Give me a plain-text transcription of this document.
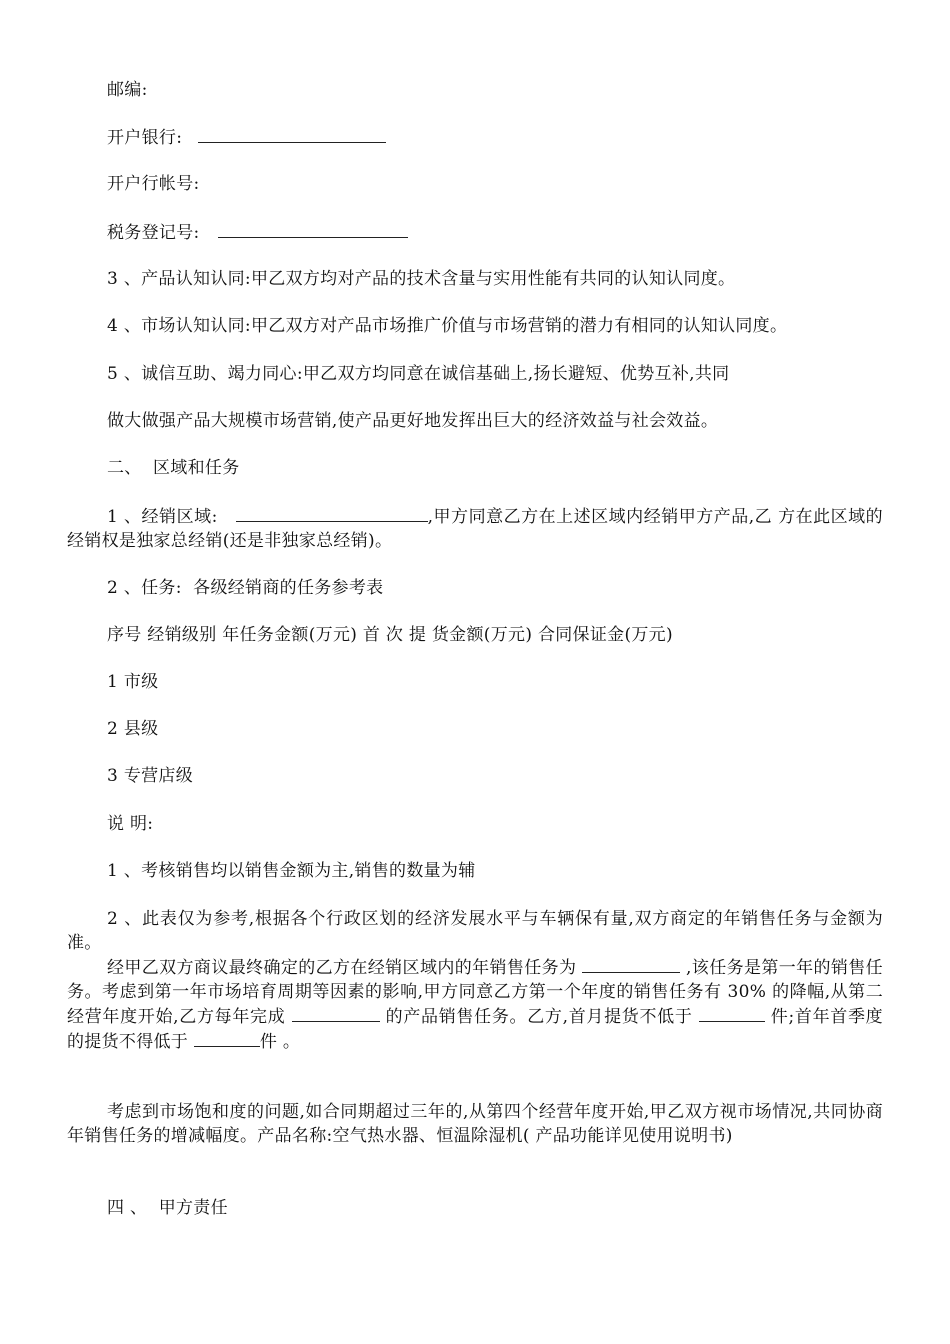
邮编:

开户银行:

开户行帐号:

税务登记号:

3 、产品认知认同:甲乙双方均对产品的技术含量与实用性能有共同的认知认同度。

4 、市场认知认同:甲乙双方对产品市场推广价值与市场营销的潜力有相同的认知认同度。

5 、诚信互助、竭力同心:甲乙双方均同意在诚信基础上,扬长避短、优势互补,共同

做大做强产品大规模市场营销,使产品更好地发挥出巨大的经济效益与社会效益。

二、  区域和任务

1 、经销区域:	,甲方同意乙方在上述区域内经销甲方产品,乙 方在此区域的经销权是独家总经销(还是非独家总经销)。

2 、任务:  各级经销商的任务参考表

序号 经销级别 年任务金额(万元) 首 次 提 货金额(万元) 合同保证金(万元)

1 市级

2 县级

3 专营店级

说 明:

1 、考核销售均以销售金额为主,销售的数量为辅

2 、此表仅为参考,根据各个行政区划的经济发展水平与车辆保有量,双方商定的年销售任务与金额为准。

经甲乙双方商议最终确定的乙方在经销区域内的年销售任务为	,该任务是第一年的销售任务。考虑到第一年市场培育周期等因素的影响,甲方同意乙方第一个年度的销售任务有 30% 的降幅,从第二经营年度开始,乙方每年完成	的产品销售任务。乙方,首月提货不低于	件;首年首季度的提货不得低于	件 。

考虑到市场饱和度的问题,如合同期超过三年的,从第四个经营年度开始,甲乙双方视市场情况,共同协商年销售任务的增减幅度。产品名称:空气热水器、恒温除湿机( 产品功能详见使用说明书)

四 、  甲方责任
